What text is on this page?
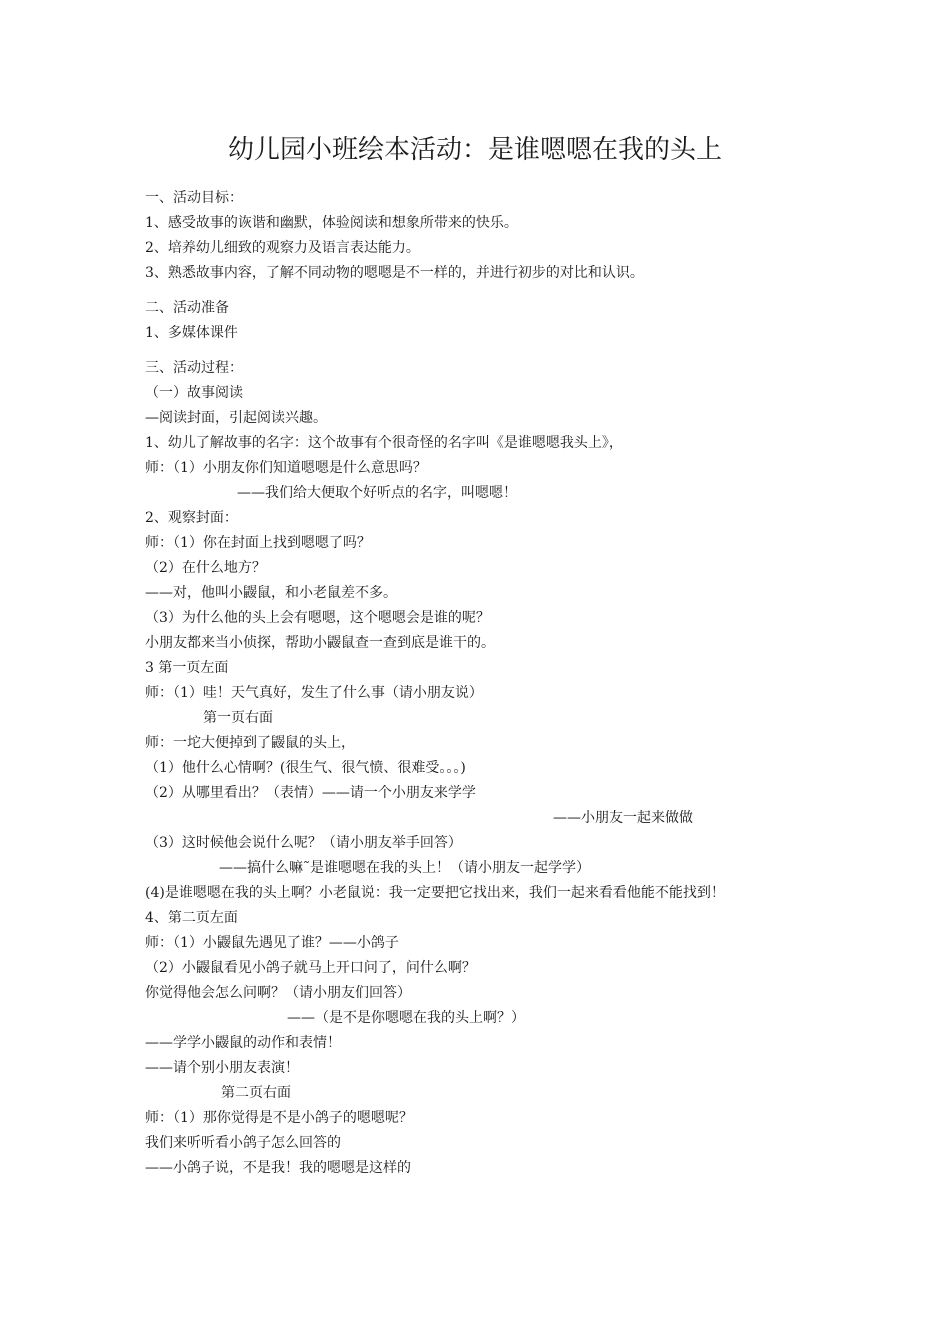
幼儿园小班绘本活动：是谁嗯嗯在我的头上
一、活动目标：
1、感受故事的诙谐和幽默，体验阅读和想象所带来的快乐。
2、培养幼儿细致的观察力及语言表达能力。
3、熟悉故事内容，了解不同动物的嗯嗯是不一样的，并进行初步的对比和认识。
二、活动准备
1、多媒体课件
三、活动过程：
（一）故事阅读
—阅读封面，引起阅读兴趣。
1、幼儿了解故事的名字：这个故事有个很奇怪的名字叫《是谁嗯嗯我头上》，
师：（1）小朋友你们知道嗯嗯是什么意思吗？
——我们给大便取个好听点的名字，叫嗯嗯！
2、观察封面：
师：（1）你在封面上找到嗯嗯了吗？
（2）在什么地方？
——对，他叫小鼹鼠，和小老鼠差不多。
（3）为什么他的头上会有嗯嗯，这个嗯嗯会是谁的呢？
小朋友都来当小侦探，帮助小鼹鼠查一查到底是谁干的。
3 第一页左面
师：（1）哇！天气真好，发生了什么事（请小朋友说）
第一页右面
师：一坨大便掉到了鼹鼠的头上，
（1）他什么心情啊？(很生气、很气愤、很难受。。。)
（2）从哪里看出？（表情）——请一个小朋友来学学
——小朋友一起来做做
（3）这时候他会说什么呢？（请小朋友举手回答）
——搞什么嘛˜是谁嗯嗯在我的头上！（请小朋友一起学学）
(4)是谁嗯嗯在我的头上啊？小老鼠说：我一定要把它找出来，我们一起来看看他能不能找到！
4、第二页左面
师：（1）小鼹鼠先遇见了谁？——小鸽子
（2）小鼹鼠看见小鸽子就马上开口问了，问什么啊？
你觉得他会怎么问啊？（请小朋友们回答）
——（是不是你嗯嗯在我的头上啊？）
——学学小鼹鼠的动作和表情！
——请个别小朋友表演！
第二页右面
师：（1）那你觉得是不是小鸽子的嗯嗯呢？
我们来听听看小鸽子怎么回答的
——小鸽子说，不是我！我的嗯嗯是这样的
